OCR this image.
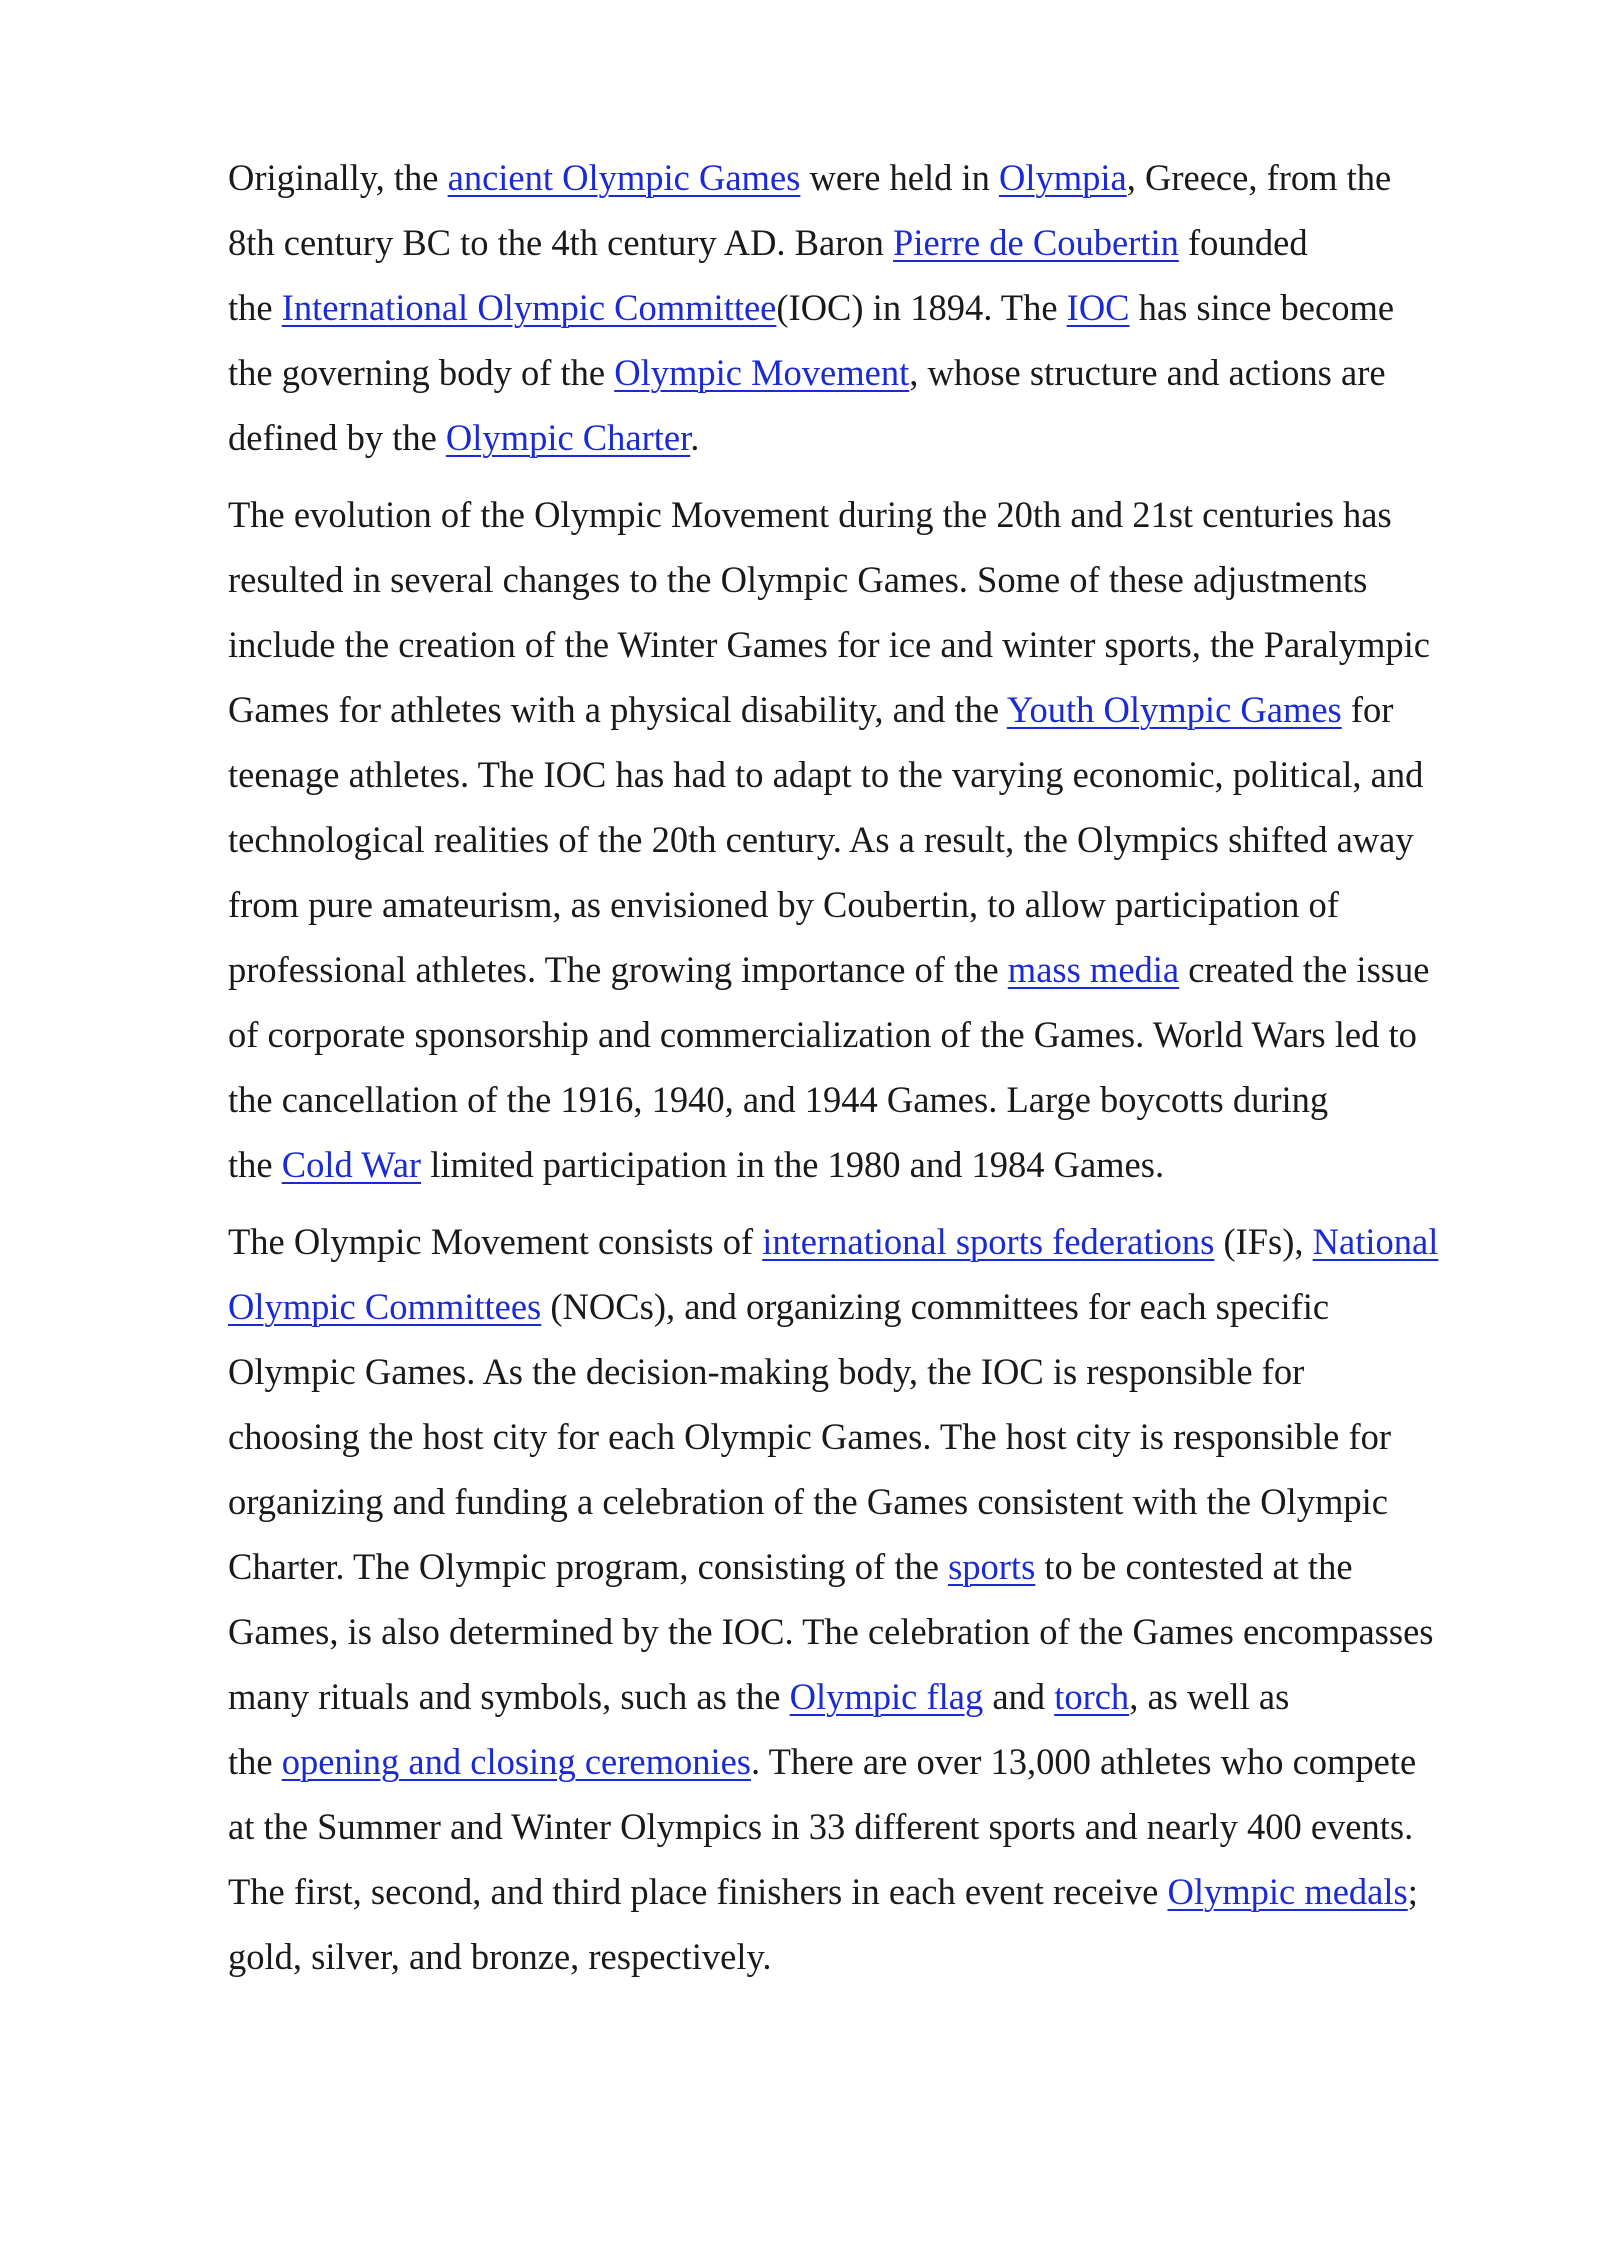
Originally, the ancient Olympic Games were held in Olympia, Greece, from the
8th century BC to the 4th century AD. Baron Pierre de Coubertin founded
the International Olympic Committee(IOC) in 1894. The IOC has since become
the governing body of the Olympic Movement, whose structure and actions are
defined by the Olympic Charter.

The evolution of the Olympic Movement during the 20th and 21st centuries has
resulted in several changes to the Olympic Games. Some of these adjustments
include the creation of the Winter Games for ice and winter sports, the Paralympic
Games for athletes with a physical disability, and the Youth Olympic Games for
teenage athletes. The IOC has had to adapt to the varying economic, political, and
technological realities of the 20th century. As a result, the Olympics shifted away
from pure amateurism, as envisioned by Coubertin, to allow participation of
professional athletes. The growing importance of the mass media created the issue
of corporate sponsorship and commercialization of the Games. World Wars led to
the cancellation of the 1916, 1940, and 1944 Games. Large boycotts during
the Cold War limited participation in the 1980 and 1984 Games.

The Olympic Movement consists of international sports federations (IFs), National
Olympic Committees (NOCs), and organizing committees for each specific
Olympic Games. As the decision-making body, the IOC is responsible for
choosing the host city for each Olympic Games. The host city is responsible for
organizing and funding a celebration of the Games consistent with the Olympic
Charter. The Olympic program, consisting of the sports to be contested at the
Games, is also determined by the IOC. The celebration of the Games encompasses
many rituals and symbols, such as the Olympic flag and torch, as well as
the opening and closing ceremonies. There are over 13,000 athletes who compete
at the Summer and Winter Olympics in 33 different sports and nearly 400 events.
The first, second, and third place finishers in each event receive Olympic medals;
gold, silver, and bronze, respectively.
